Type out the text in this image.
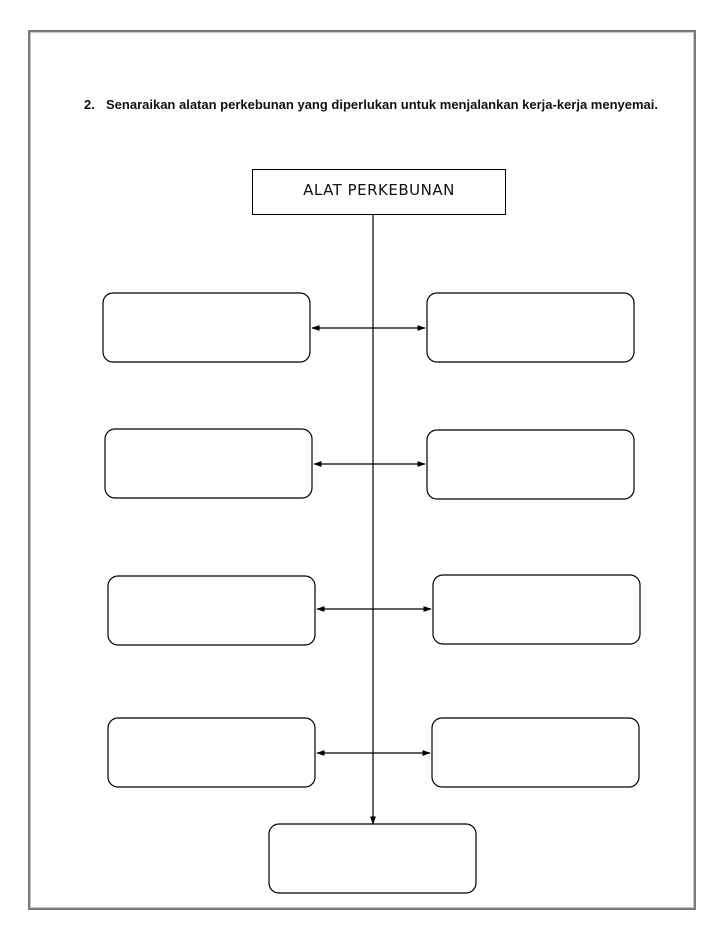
2. Senaraikan alatan perkebunan yang diperlukan untuk menjalankan kerja-kerja menyemai.
ALAT PERKEBUNAN
